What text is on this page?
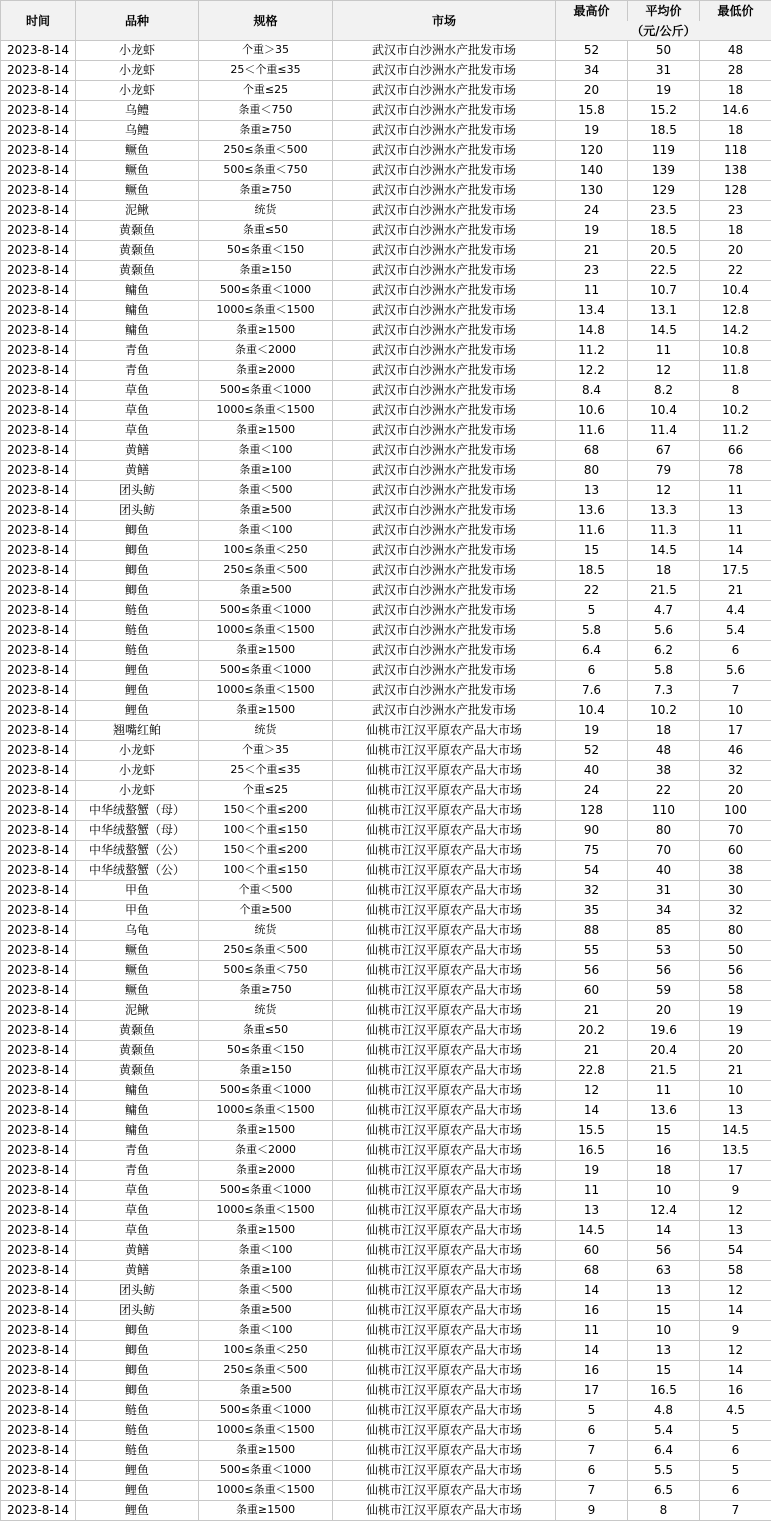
时间	品种	规格	市场	最高价	平均价	最低价
				（元/公斤）		
2023-8-14	小龙虾	个重＞35	武汉市白沙洲水产批发市场	52	50	48
2023-8-14	小龙虾	25＜个重≤35	武汉市白沙洲水产批发市场	34	31	28
2023-8-14	小龙虾	个重≤25	武汉市白沙洲水产批发市场	20	19	18
2023-8-14	乌鳢	条重＜750	武汉市白沙洲水产批发市场	15.8	15.2	14.6
2023-8-14	乌鳢	条重≥750	武汉市白沙洲水产批发市场	19	18.5	18
2023-8-14	鳜鱼	250≤条重＜500	武汉市白沙洲水产批发市场	120	119	118
2023-8-14	鳜鱼	500≤条重＜750	武汉市白沙洲水产批发市场	140	139	138
2023-8-14	鳜鱼	条重≥750	武汉市白沙洲水产批发市场	130	129	128
2023-8-14	泥鳅	统货	武汉市白沙洲水产批发市场	24	23.5	23
2023-8-14	黄颡鱼	条重≤50	武汉市白沙洲水产批发市场	19	18.5	18
2023-8-14	黄颡鱼	50≤条重＜150	武汉市白沙洲水产批发市场	21	20.5	20
2023-8-14	黄颡鱼	条重≥150	武汉市白沙洲水产批发市场	23	22.5	22
2023-8-14	鳙鱼	500≤条重＜1000	武汉市白沙洲水产批发市场	11	10.7	10.4
2023-8-14	鳙鱼	1000≤条重＜1500	武汉市白沙洲水产批发市场	13.4	13.1	12.8
2023-8-14	鳙鱼	条重≥1500	武汉市白沙洲水产批发市场	14.8	14.5	14.2
2023-8-14	青鱼	条重＜2000	武汉市白沙洲水产批发市场	11.2	11	10.8
2023-8-14	青鱼	条重≥2000	武汉市白沙洲水产批发市场	12.2	12	11.8
2023-8-14	草鱼	500≤条重＜1000	武汉市白沙洲水产批发市场	8.4	8.2	8
2023-8-14	草鱼	1000≤条重＜1500	武汉市白沙洲水产批发市场	10.6	10.4	10.2
2023-8-14	草鱼	条重≥1500	武汉市白沙洲水产批发市场	11.6	11.4	11.2
2023-8-14	黄鳝	条重＜100	武汉市白沙洲水产批发市场	68	67	66
2023-8-14	黄鳝	条重≥100	武汉市白沙洲水产批发市场	80	79	78
2023-8-14	团头鲂	条重＜500	武汉市白沙洲水产批发市场	13	12	11
2023-8-14	团头鲂	条重≥500	武汉市白沙洲水产批发市场	13.6	13.3	13
2023-8-14	鲫鱼	条重＜100	武汉市白沙洲水产批发市场	11.6	11.3	11
2023-8-14	鲫鱼	100≤条重＜250	武汉市白沙洲水产批发市场	15	14.5	14
2023-8-14	鲫鱼	250≤条重＜500	武汉市白沙洲水产批发市场	18.5	18	17.5
2023-8-14	鲫鱼	条重≥500	武汉市白沙洲水产批发市场	22	21.5	21
2023-8-14	鲢鱼	500≤条重＜1000	武汉市白沙洲水产批发市场	5	4.7	4.4
2023-8-14	鲢鱼	1000≤条重＜1500	武汉市白沙洲水产批发市场	5.8	5.6	5.4
2023-8-14	鲢鱼	条重≥1500	武汉市白沙洲水产批发市场	6.4	6.2	6
2023-8-14	鲤鱼	500≤条重＜1000	武汉市白沙洲水产批发市场	6	5.8	5.6
2023-8-14	鲤鱼	1000≤条重＜1500	武汉市白沙洲水产批发市场	7.6	7.3	7
2023-8-14	鲤鱼	条重≥1500	武汉市白沙洲水产批发市场	10.4	10.2	10
2023-8-14	翘嘴红鲌	统货	仙桃市江汉平原农产品大市场	19	18	17
2023-8-14	小龙虾	个重＞35	仙桃市江汉平原农产品大市场	52	48	46
2023-8-14	小龙虾	25＜个重≤35	仙桃市江汉平原农产品大市场	40	38	32
2023-8-14	小龙虾	个重≤25	仙桃市江汉平原农产品大市场	24	22	20
2023-8-14	中华绒螯蟹（母）	150＜个重≤200	仙桃市江汉平原农产品大市场	128	110	100
2023-8-14	中华绒螯蟹（母）	100＜个重≤150	仙桃市江汉平原农产品大市场	90	80	70
2023-8-14	中华绒螯蟹（公）	150＜个重≤200	仙桃市江汉平原农产品大市场	75	70	60
2023-8-14	中华绒螯蟹（公）	100＜个重≤150	仙桃市江汉平原农产品大市场	54	40	38
2023-8-14	甲鱼	个重＜500	仙桃市江汉平原农产品大市场	32	31	30
2023-8-14	甲鱼	个重≥500	仙桃市江汉平原农产品大市场	35	34	32
2023-8-14	乌龟	统货	仙桃市江汉平原农产品大市场	88	85	80
2023-8-14	鳜鱼	250≤条重＜500	仙桃市江汉平原农产品大市场	55	53	50
2023-8-14	鳜鱼	500≤条重＜750	仙桃市江汉平原农产品大市场	56	56	56
2023-8-14	鳜鱼	条重≥750	仙桃市江汉平原农产品大市场	60	59	58
2023-8-14	泥鳅	统货	仙桃市江汉平原农产品大市场	21	20	19
2023-8-14	黄颡鱼	条重≤50	仙桃市江汉平原农产品大市场	20.2	19.6	19
2023-8-14	黄颡鱼	50≤条重＜150	仙桃市江汉平原农产品大市场	21	20.4	20
2023-8-14	黄颡鱼	条重≥150	仙桃市江汉平原农产品大市场	22.8	21.5	21
2023-8-14	鳙鱼	500≤条重＜1000	仙桃市江汉平原农产品大市场	12	11	10
2023-8-14	鳙鱼	1000≤条重＜1500	仙桃市江汉平原农产品大市场	14	13.6	13
2023-8-14	鳙鱼	条重≥1500	仙桃市江汉平原农产品大市场	15.5	15	14.5
2023-8-14	青鱼	条重＜2000	仙桃市江汉平原农产品大市场	16.5	16	13.5
2023-8-14	青鱼	条重≥2000	仙桃市江汉平原农产品大市场	19	18	17
2023-8-14	草鱼	500≤条重＜1000	仙桃市江汉平原农产品大市场	11	10	9
2023-8-14	草鱼	1000≤条重＜1500	仙桃市江汉平原农产品大市场	13	12.4	12
2023-8-14	草鱼	条重≥1500	仙桃市江汉平原农产品大市场	14.5	14	13
2023-8-14	黄鳝	条重＜100	仙桃市江汉平原农产品大市场	60	56	54
2023-8-14	黄鳝	条重≥100	仙桃市江汉平原农产品大市场	68	63	58
2023-8-14	团头鲂	条重＜500	仙桃市江汉平原农产品大市场	14	13	12
2023-8-14	团头鲂	条重≥500	仙桃市江汉平原农产品大市场	16	15	14
2023-8-14	鲫鱼	条重＜100	仙桃市江汉平原农产品大市场	11	10	9
2023-8-14	鲫鱼	100≤条重＜250	仙桃市江汉平原农产品大市场	14	13	12
2023-8-14	鲫鱼	250≤条重＜500	仙桃市江汉平原农产品大市场	16	15	14
2023-8-14	鲫鱼	条重≥500	仙桃市江汉平原农产品大市场	17	16.5	16
2023-8-14	鲢鱼	500≤条重＜1000	仙桃市江汉平原农产品大市场	5	4.8	4.5
2023-8-14	鲢鱼	1000≤条重＜1500	仙桃市江汉平原农产品大市场	6	5.4	5
2023-8-14	鲢鱼	条重≥1500	仙桃市江汉平原农产品大市场	7	6.4	6
2023-8-14	鲤鱼	500≤条重＜1000	仙桃市江汉平原农产品大市场	6	5.5	5
2023-8-14	鲤鱼	1000≤条重＜1500	仙桃市江汉平原农产品大市场	7	6.5	6
2023-8-14	鲤鱼	条重≥1500	仙桃市江汉平原农产品大市场	9	8	7
